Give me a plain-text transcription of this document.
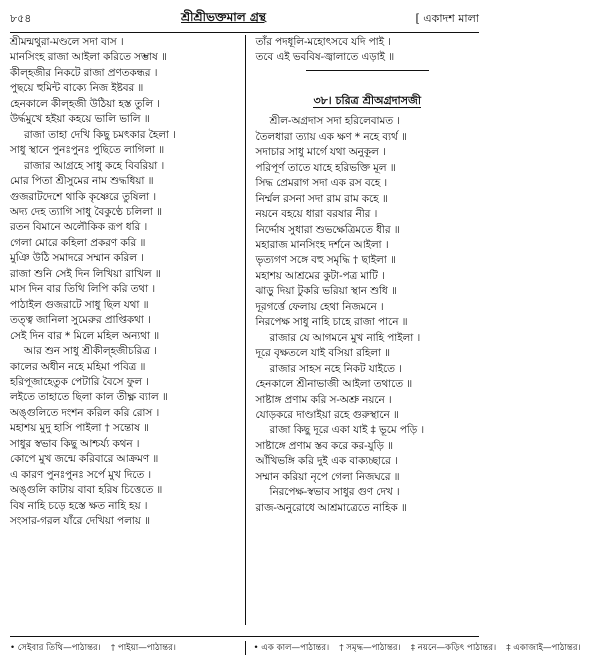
৮৫৪	শ্রীশ্রীভক্তমাল গ্রন্থ	[ একাদশ মালা
শ্রীমন্মথুরা-মণ্ডলে সদা বাস ।
মানসিংহ রাজা আইলা করিতে সম্ভাষ ॥
কীল্‌হজীর নিকটে রাজা প্রণতকন্ধর ।
পুছয়ে হুমিন্ট বাক্যে নিজ ইষ্টবর ॥
হেনকালে কীল্‌হজী উঠিয়া হস্ত তুলি ।
উর্দ্ধমুখে হইয়া কহয়ে ভালি ভালি ॥
রাজা তাহা দেখি কিছু চমৎকার হৈলা ।
সাধু স্থানে পুনঃপুনঃ পুছিতে লাগিলা ॥
রাজার আগ্রহে সাধু কহে বিবরিয়া ।
মোর পিতা শ্রীসুমের নাম শুদ্ধধিয়া ॥
গুজরাটদেশে থাকি কৃষ্ণেরে তুষিলা ।
অদ্য দেহ ত্যাগি সাধু বৈকুণ্ঠে চলিলা ॥
রতন বিমানে অলৌকিক রূপ ধরি ।
গেলা মোরে কহিলা প্রকরণ করি ॥
মুঞি উঠি সমাদরে সম্মান করিল ।
রাজা শুনি সেই দিন লিখিয়া রাখিল ॥
মাস দিন বার তিথি লিপি করি তথা ।
পাঠাইল গুজরাটে সাধু ছিল যথা ॥
তত্ত্ব জানিলা সুমেরুর প্রাপ্তিকথা ।
সেই দিন বার * মিলে মহিল অন্যথা ॥
আর শুন সাধু শ্রীকীল্‌হজীচরিত্র ।
কালের অধীন নহে মহিমা পবিত্র ॥
হরিপূজাহেতুক পেটারি বৈসে ফুল ।
লইতে তাহাতে ছিলা কাল তীক্ষ্ণ ব্যাল ॥
অঙ্গুলিতে দংশন করিল করি রোস ।
মহাশয় মুদু হাসি পাইলা † সন্তোষ ॥
সাধুর স্বভাব কিছু আশ্চর্য্য কথন ।
কোপে মুখ জন্মে করিবারে আক্রমণ ॥
এ কারণ পুনঃপুনঃ সর্পে মুখ দিতে ।
অঙ্গুলি কাটায় বাবা হরিষ চিত্তেতে ॥
বিষ নাহি চড়ে হস্তে ক্ষত নাহি হয় ।
সংসার-গরল যাঁরে দেখিয়া পলায় ॥
তাঁর পদধূলি-মহোৎসবে যদি পাই ।
তবে এই ভববিষ-জ্বালাতে এড়াই ॥
৩৮। চরিত্র শ্রীঅগ্রদাসজী
শ্রীল-অগ্রদাস সদা হরিলেবামত ।
তৈলধারা ত্যায় এক ক্ষণ * নহে ব্যর্থ ॥
সদাচার সাধু মার্গে যথা অনুকূল ।
পরিপূর্ণ তাতে যাহে হরিভক্তি মূল ॥
সিদ্ধ প্রেমরাগ সদা এক রস বহে ।
নির্ম্মল রসনা সদা রাম রাম কহে ॥
নয়নে বহয়ে ধারা বরষার নীর ।
নির্দ্দোষ সুধারা শুভক্ষেত্রিমতে ধীর ॥
মহারাজ মানসিংহ দর্শনে আইলা ।
ভৃত্যগণ সঙ্গে বহু সমৃদ্ধি † ছাইলা ॥
মহাশয় আশ্রমের কুটা-পত্র মাটি ।
ঝাড়ু দিয়া টুকরি ভরিয়া স্থান শুধি ॥
দূরগর্ত্তে ফেলায় হেথা নিজমনে ।
নিরপেক্ষ সাধু নাহি চাহে রাজা পানে ॥
রাজার যে আগমনে মুখ নাহি পাইলা ।
দূরে বৃক্ষতলে যাই বসিয়া রহিলা ॥
রাজার সাহস নহে নিকট যাইতে ।
হেনকালে শ্রীনাভাজী আইলা তথাতে ॥
সাষ্টাঙ্গ প্রণাম করি স-অশ্রু নয়নে ।
যোড়করে দাণ্ডাইয়া রহে গুরুস্থানে ॥
রাজা কিছু দূরে একা যাই ‡ ভূমে পড়ি ।
সাষ্টাঙ্গে প্রণাম স্তব করে কর-যুড়ি ॥
আঁখিভঙ্গি করি দুই এক বাক্যচ্ছারে ।
সম্মান করিয়া নৃপে গেলা নিজঘরে ॥
নিরপেক্ষ-স্বভাব সাধুর গুণ দেখ ।
রাজ-অনুরোধে আশ্রমাত্রেতে নাহিক ॥
• সেইবার তিথি—পাঠান্তর। † পাইয়া—পাঠান্তর।	• এক কাল—পাঠান্তর। † সমৃদ্ধ—পাঠান্তর। ‡ নয়নে—কড়িৎ পাঠান্তর। ‡ একাজাই—পাঠান্তর।
